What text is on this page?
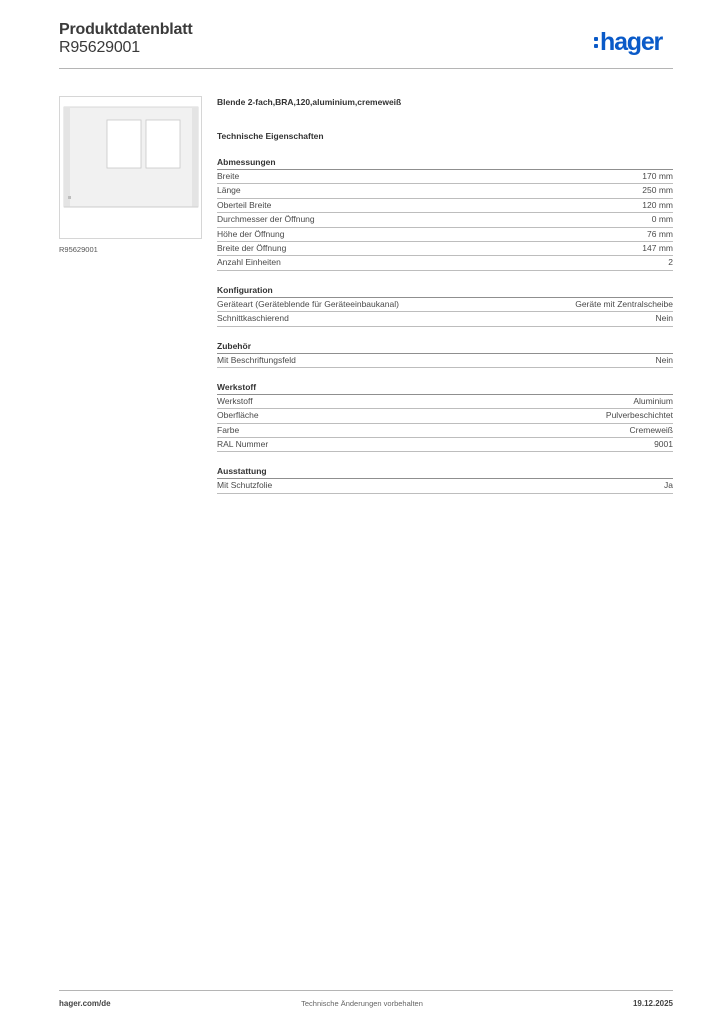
Produktdatenblatt
R95629001	hager
R95629001
Blende 2-fach,BRA,120,aluminium,cremeweiß
Technische Eigenschaften
Abmessungen
Breite	170 mm
Länge	250 mm
Oberteil Breite	120 mm
Durchmesser der Öffnung	0 mm
Höhe der Öffnung	76 mm
Breite der Öffnung	147 mm
Anzahl Einheiten	2
Konfiguration
Geräteart (Geräteblende für Geräteeinbaukanal)	Geräte mit Zentralscheibe
Schnittkaschierend	Nein
Zubehör
Mit Beschriftungsfeld	Nein
Werkstoff
Werkstoff	Aluminium
Oberfläche	Pulverbeschichtet
Farbe	Cremeweiß
RAL Nummer	9001
Ausstattung
Mit Schutzfolie	Ja
hager.com/de	Technische Änderungen vorbehalten	19.12.2025
